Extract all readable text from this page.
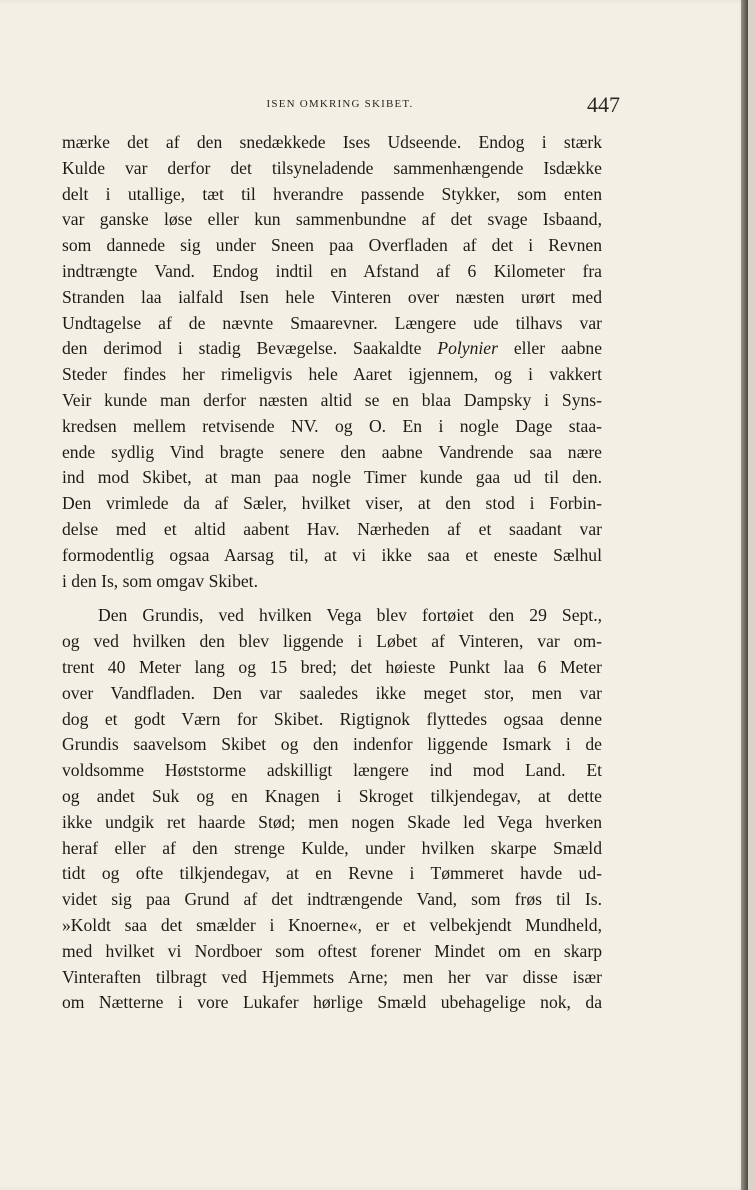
ISEN OMKRING SKIBET.	447
mærke det af den snedækkede Ises Udseende. Endog i stærk
Kulde var derfor det tilsyneladende sammenhængende Isdække
delt i utallige, tæt til hverandre passende Stykker, som enten
var ganske løse eller kun sammenbundne af det svage Isbaand,
som dannede sig under Sneen paa Overfladen af det i Revnen
indtrængte Vand. Endog indtil en Afstand af 6 Kilometer fra
Stranden laa ialfald Isen hele Vinteren over næsten urørt med
Undtagelse af de nævnte Smaarevner. Længere ude tilhavs var
den derimod i stadig Bevægelse. Saakaldte Polynier eller aabne
Steder findes her rimeligvis hele Aaret igjennem, og i vakkert
Veir kunde man derfor næsten altid se en blaa Dampsky i Syns-
kredsen mellem retvisende NV. og O. En i nogle Dage staa-
ende sydlig Vind bragte senere den aabne Vandrende saa nære
ind mod Skibet, at man paa nogle Timer kunde gaa ud til den.
Den vrimlede da af Sæler, hvilket viser, at den stod i Forbin-
delse med et altid aabent Hav. Nærheden af et saadant var
formodentlig ogsaa Aarsag til, at vi ikke saa et eneste Sælhul
i den Is, som omgav Skibet.
Den Grundis, ved hvilken Vega blev fortøiet den 29 Sept.,
og ved hvilken den blev liggende i Løbet af Vinteren, var om-
trent 40 Meter lang og 15 bred; det høieste Punkt laa 6 Meter
over Vandfladen. Den var saaledes ikke meget stor, men var
dog et godt Værn for Skibet. Rigtignok flyttedes ogsaa denne
Grundis saavelsom Skibet og den indenfor liggende Ismark i de
voldsomme Høststorme adskilligt længere ind mod Land. Et
og andet Suk og en Knagen i Skroget tilkjendegav, at dette
ikke undgik ret haarde Stød; men nogen Skade led Vega hverken
heraf eller af den strenge Kulde, under hvilken skarpe Smæld
tidt og ofte tilkjendegav, at en Revne i Tømmeret havde ud-
videt sig paa Grund af det indtrængende Vand, som frøs til Is.
»Koldt saa det smælder i Knoerne«, er et velbekjendt Mundheld,
med hvilket vi Nordboer som oftest forener Mindet om en skarp
Vinteraften tilbragt ved Hjemmets Arne; men her var disse især
om Nætterne i vore Lukafer hørlige Smæld ubehagelige nok, da
